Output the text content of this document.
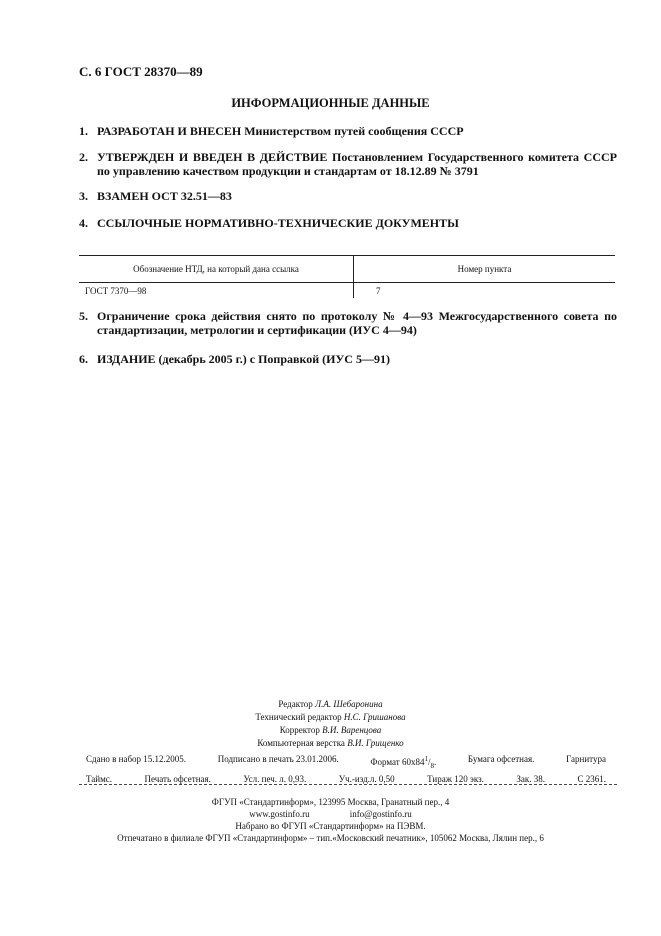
С. 6 ГОСТ 28370—89
ИНФОРМАЦИОННЫЕ ДАННЫЕ
1. РАЗРАБОТАН И ВНЕСЕН Министерством путей сообщения СССР
2. УТВЕРЖДЕН И ВВЕДЕН В ДЕЙСТВИЕ Постановлением Государственного комитета СССР по управлению качеством продукции и стандартам от 18.12.89 № 3791
3. ВЗАМЕН ОСТ 32.51—83
4. ССЫЛОЧНЫЕ НОРМАТИВНО-ТЕХНИЧЕСКИЕ ДОКУМЕНТЫ
Обозначение НТД, на который дана ссылка	Номер пункта
ГОСТ 7370—98	7
5. Ограничение срока действия снято по протоколу № 4—93 Межгосударственного совета по стандартизации, метрологии и сертификации (ИУС 4—94)
6. ИЗДАНИЕ (декабрь 2005 г.) с Поправкой (ИУС 5—91)
Редактор Л.А. Шебаронина
Технический редактор Н.С. Гришанова
Корректор В.И. Варенцова
Компьютерная верстка В.И. Грищенко
Сдано в набор 15.12.2005.	Подписано в печать 23.01.2006.	Формат $60x84^1/_8$.	Бумага офсетная.	Гарнитура
Таймс.	Печать офсетная.	Усл. печ. л. 0,93.	Уч.-изд.л. 0,50	Тираж 120 экз.	Зак. 38.	С 2361.
ФГУП «Стандартинформ», 123995 Москва, Гранатный пер., 4
www.gostinfo.ru	info@gostinfo.ru
Набрано во ФГУП «Стандартинформ» на ПЭВМ.
Отпечатано в филиале ФГУП «Стандартинформ» – тип.«Московский печатник», 105062 Москва, Лялин пер., 6
